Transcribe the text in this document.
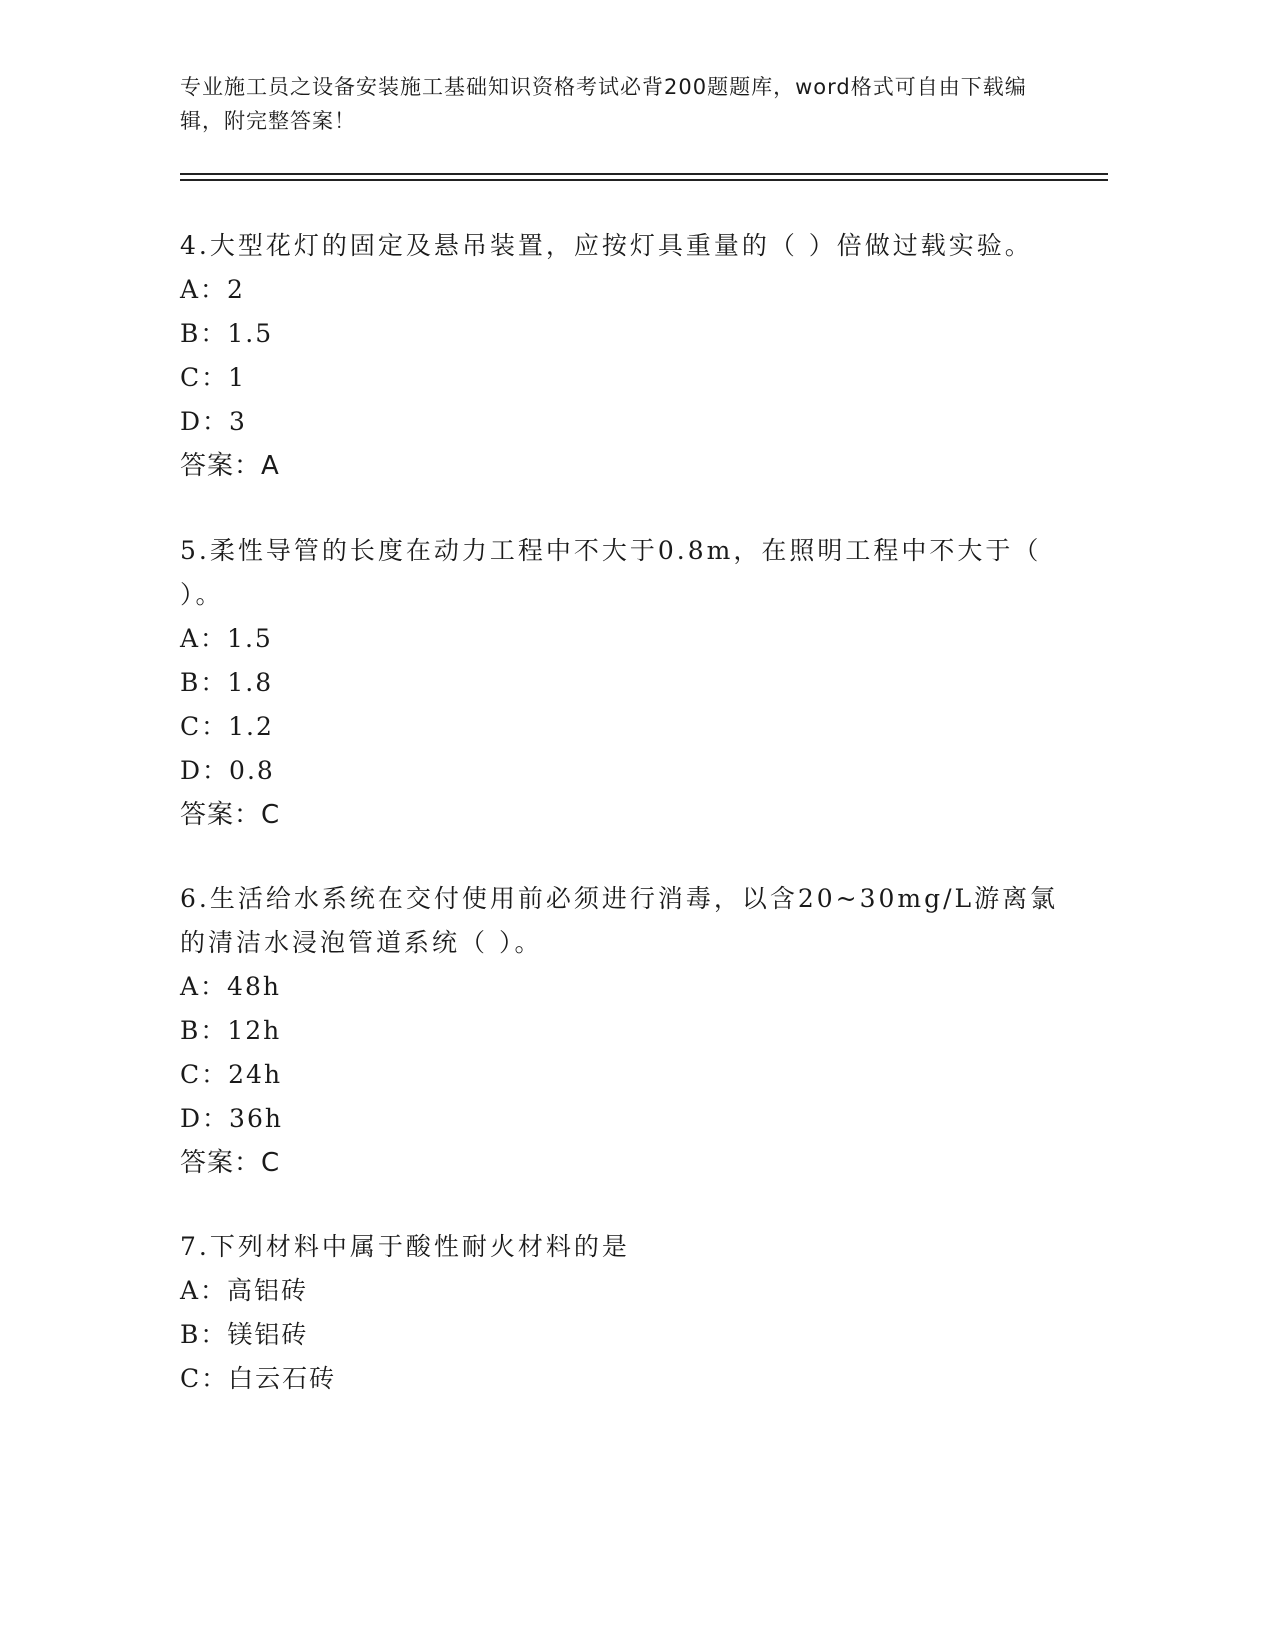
专业施工员之设备安装施工基础知识资格考试必背200题题库，word格式可自由下载编辑，附完整答案！

4.大型花灯的固定及悬吊装置，应按灯具重量的（ ）倍做过载实验。

A：2

B：1.5

C：1

D：3

答案：A

5.柔性导管的长度在动力工程中不大于0.8m，在照明工程中不大于（ ）。

A：1.5

B：1.8

C：1.2

D：0.8

答案：C

6.生活给水系统在交付使用前必须进行消毒，以含20~30mg/L游离氯的清洁水浸泡管道系统（ ）。

A：48h

B：12h

C：24h

D：36h

答案：C

7.下列材料中属于酸性耐火材料的是

A：高铝砖

B：镁铝砖

C：白云石砖
